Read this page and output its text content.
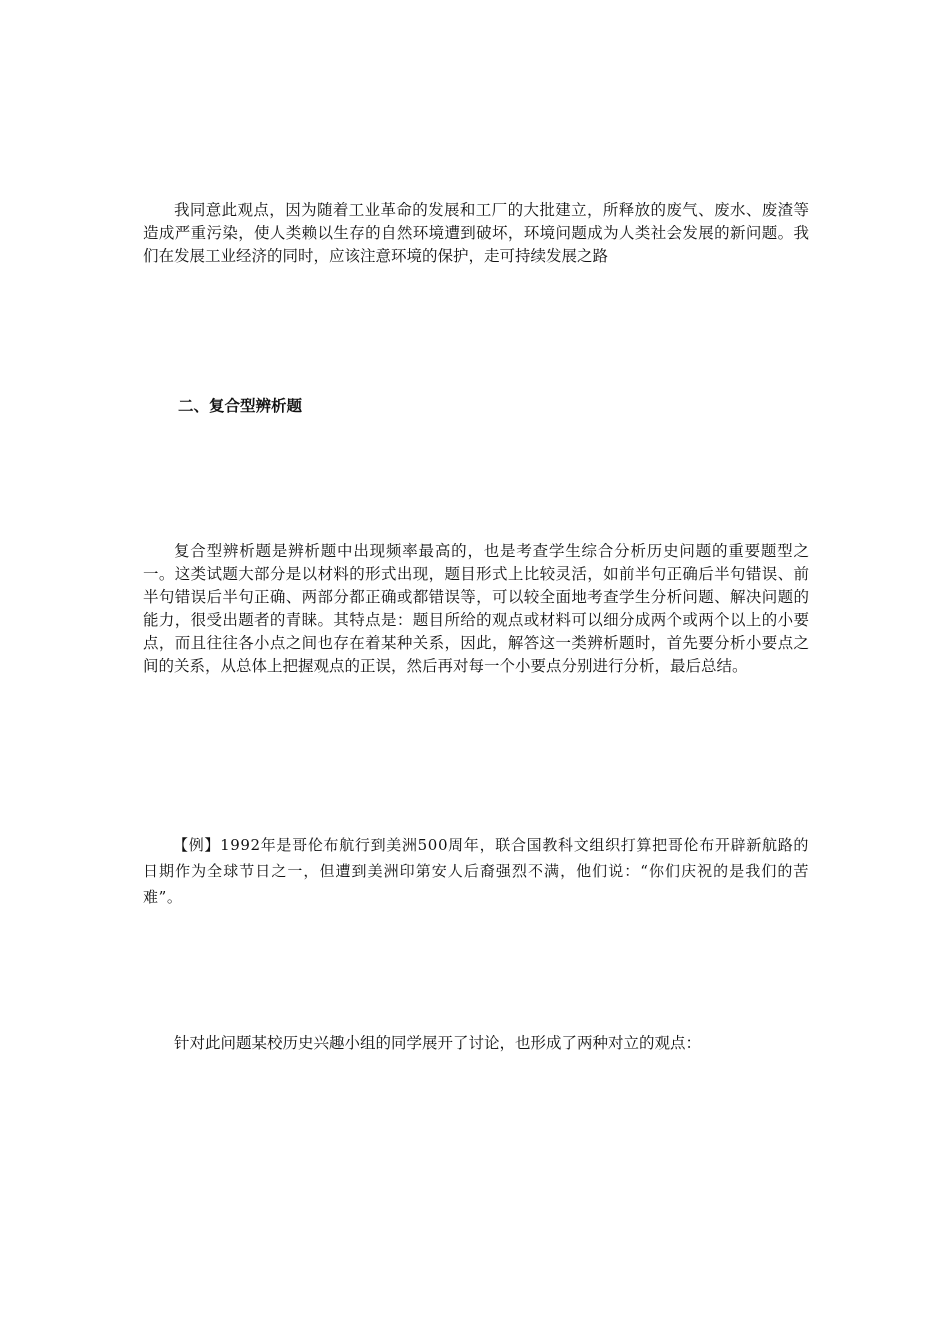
我同意此观点，因为随着工业革命的发展和工厂的大批建立，所释放的废气、废水、废渣等造成严重污染，使人类赖以生存的自然环境遭到破坏，环境问题成为人类社会发展的新问题。我们在发展工业经济的同时，应该注意环境的保护，走可持续发展之路

二、复合型辨析题

复合型辨析题是辨析题中出现频率最高的，也是考查学生综合分析历史问题的重要题型之一。这类试题大部分是以材料的形式出现，题目形式上比较灵活，如前半句正确后半句错误、前半句错误后半句正确、两部分都正确或都错误等，可以较全面地考查学生分析问题、解决问题的能力，很受出题者的青睐。其特点是：题目所给的观点或材料可以细分成两个或两个以上的小要点，而且往往各小点之间也存在着某种关系，因此，解答这一类辨析题时，首先要分析小要点之间的关系，从总体上把握观点的正误，然后再对每一个小要点分别进行分析，最后总结。

【例】1992年是哥伦布航行到美洲500周年，联合国教科文组织打算把哥伦布开辟新航路的日期作为全球节日之一，但遭到美洲印第安人后裔强烈不满，他们说：“你们庆祝的是我们的苦难”。

针对此问题某校历史兴趣小组的同学展开了讨论，也形成了两种对立的观点：
